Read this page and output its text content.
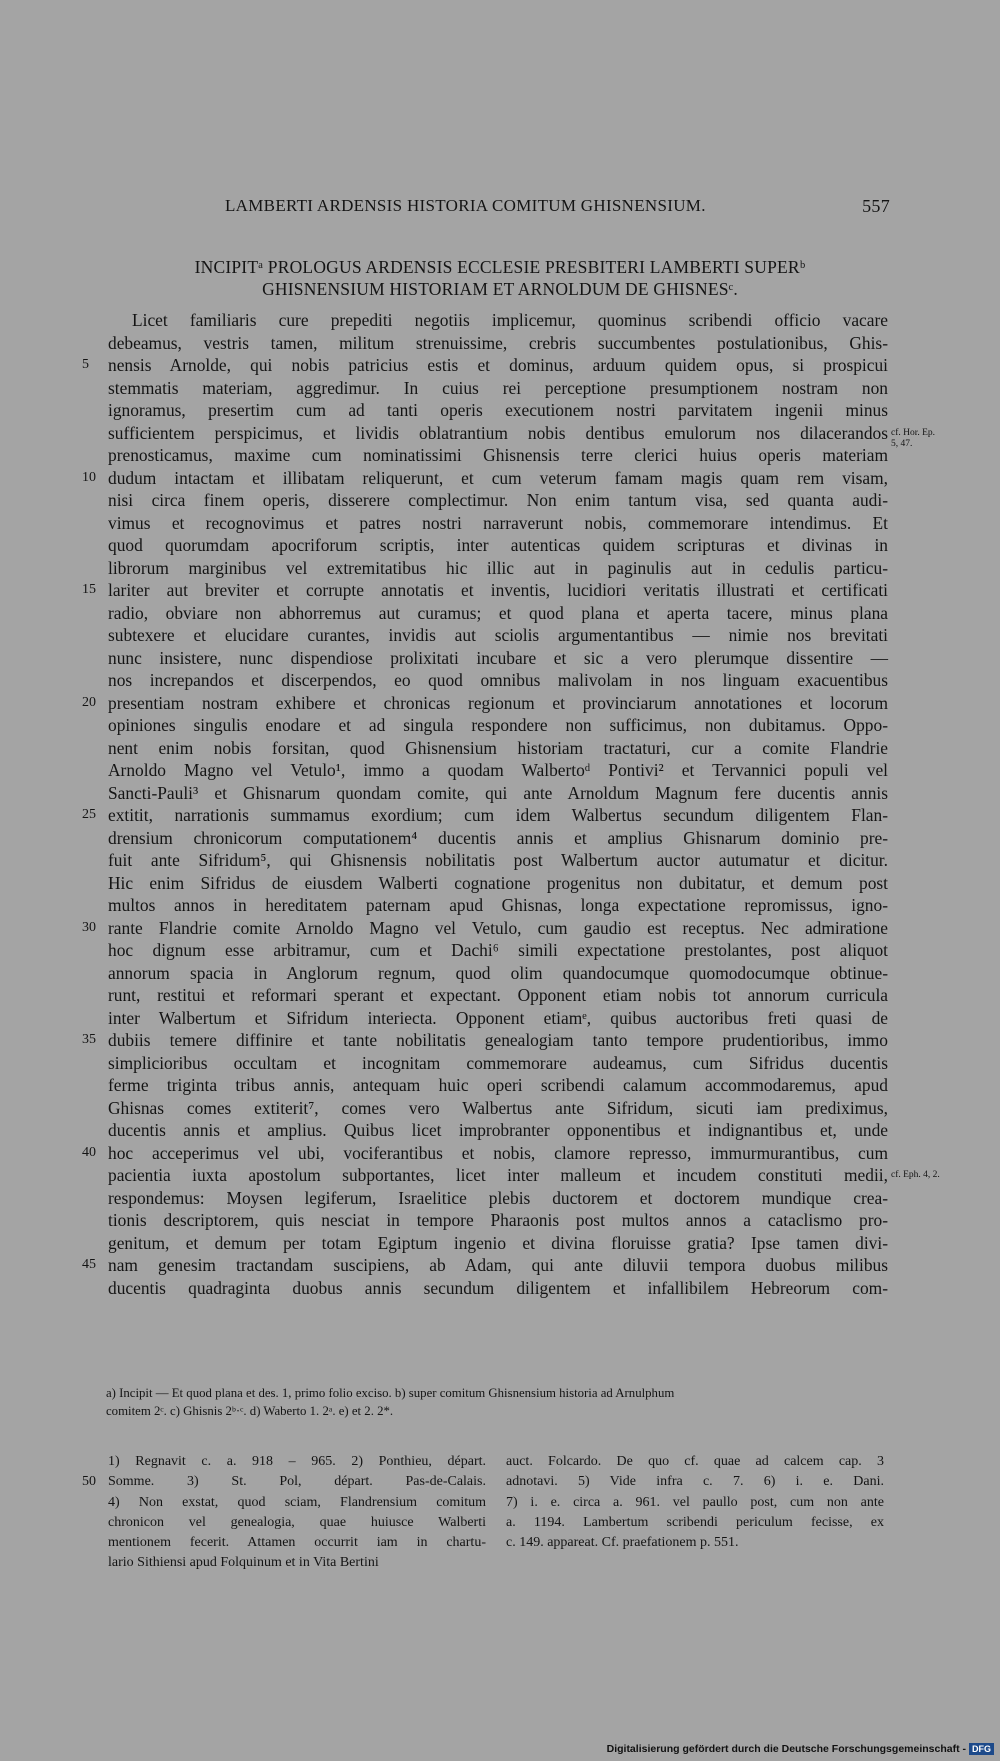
LAMBERTI ARDENSIS HISTORIA COMITUM GHISNENSIUM.	557
INCIPITᵃ PROLOGUS ARDENSIS ECCLESIE PRESBITERI LAMBERTI SUPERᵇ
GHISNENSIUM HISTORIAM ET ARNOLDUM DE GHISNESᶜ.
Licet familiaris cure prepediti negotiis implicemur, quominus scribendi officio vacare
debeamus, vestris tamen, militum strenuissime, crebris succumbentes postulationibus, Ghis-
nensis Arnolde, qui nobis patricius estis et dominus, arduum quidem opus, si prospicui
stemmatis materiam, aggredimur. In cuius rei perceptione presumptionem nostram non
ignoramus, presertim cum ad tanti operis executionem nostri parvitatem ingenii minus
sufficientem perspicimus, et lividis oblatrantium nobis dentibus emulorum nos dilacerandos
prenosticamus, maxime cum nominatissimi Ghisnensis terre clerici huius operis materiam
dudum intactam et illibatam reliquerunt, et cum veterum famam magis quam rem visam,
nisi circa finem operis, disserere complectimur. Non enim tantum visa, sed quanta audi-
vimus et recognovimus et patres nostri narraverunt nobis, commemorare intendimus. Et
quod quorumdam apocriforum scriptis, inter autenticas quidem scripturas et divinas in
librorum marginibus vel extremitatibus hic illic aut in paginulis aut in cedulis particu-
lariter aut breviter et corrupte annotatis et inventis, lucidiori veritatis illustrati et certificati
radio, obviare non abhorremus aut curamus; et quod plana et aperta tacere, minus plana
subtexere et elucidare curantes, invidis aut sciolis argumentantibus — nimie nos brevitati
nunc insistere, nunc dispendiose prolixitati incubare et sic a vero plerumque dissentire —
nos increpandos et discerpendos, eo quod omnibus malivolam in nos linguam exacuentibus
presentiam nostram exhibere et chronicas regionum et provinciarum annotationes et locorum
opiniones singulis enodare et ad singula respondere non sufficimus, non dubitamus. Oppo-
nent enim nobis forsitan, quod Ghisnensium historiam tractaturi, cur a comite Flandrie
Arnoldo Magno vel Vetulo¹, immo a quodam Walbertoᵈ Pontivi² et Tervannici populi vel
Sancti-Pauli³ et Ghisnarum quondam comite, qui ante Arnoldum Magnum fere ducentis annis
extitit, narrationis summamus exordium; cum idem Walbertus secundum diligentem Flan-
drensium chronicorum computationem⁴ ducentis annis et amplius Ghisnarum dominio pre-
fuit ante Sifridum⁵, qui Ghisnensis nobilitatis post Walbertum auctor autumatur et dicitur.
Hic enim Sifridus de eiusdem Walberti cognatione progenitus non dubitatur, et demum post
multos annos in hereditatem paternam apud Ghisnas, longa expectatione repromissus, igno-
rante Flandrie comite Arnoldo Magno vel Vetulo, cum gaudio est receptus. Nec admiratione
hoc dignum esse arbitramur, cum et Dachi⁶ simili expectatione prestolantes, post aliquot
annorum spacia in Anglorum regnum, quod olim quandocumque quomodocumque obtinue-
runt, restitui et reformari sperant et expectant. Opponent etiam nobis tot annorum curricula
inter Walbertum et Sifridum interiecta. Opponent etiamᵉ, quibus auctoribus freti quasi de
dubiis temere diffinire et tante nobilitatis genealogiam tanto tempore prudentioribus, immo
simplicioribus occultam et incognitam commemorare audeamus, cum Sifridus ducentis
ferme triginta tribus annis, antequam huic operi scribendi calamum accommodaremus, apud
Ghisnas comes extiterit⁷, comes vero Walbertus ante Sifridum, sicuti iam prediximus,
ducentis annis et amplius. Quibus licet improbranter opponentibus et indignantibus et, unde
hoc acceperimus vel ubi, vociferantibus et nobis, clamore represso, immurmurantibus, cum
pacientia iuxta apostolum subportantes, licet inter malleum et incudem constituti medii,
respondemus: Moysen legiferum, Israelitice plebis ductorem et doctorem mundique crea-
tionis descriptorem, quis nesciat in tempore Pharaonis post multos annos a cataclismo pro-
genitum, et demum per totam Egiptum ingenio et divina floruisse gratia? Ipse tamen divi-
nam genesim tractandam suscipiens, ab Adam, qui ante diluvii tempora duobus milibus
ducentis quadraginta duobus annis secundum diligentem et infallibilem Hebreorum com-
5
10
15
20
25
30
35
40
45
50
cf. Hor. Ep.
5, 47.
cf. Eph. 4, 2.
a) Incipit — Et quod plana et des. 1, primo folio exciso. b) super comitum Ghisnensium historia ad Arnulphum
comitem 2ᶜ. c) Ghisnis 2ᵇ·ᶜ. d) Waberto 1. 2ᵃ. e) et 2. 2*.
1) Regnavit c. a. 918 – 965. 2) Ponthieu, départ.
Somme. 3) St. Pol, départ. Pas-de-Calais.
4) Non exstat, quod sciam, Flandrensium comitum
chronicon vel genealogia, quae huiusce Walberti
mentionem fecerit. Attamen occurrit iam in chartu-
lario Sithiensi apud Folquinum et in Vita Bertini
auct. Folcardo. De quo cf. quae ad calcem cap. 3
adnotavi. 5) Vide infra c. 7. 6) i. e. Dani.
7) i. e. circa a. 961. vel paullo post, cum non ante
a. 1194. Lambertum scribendi periculum fecisse, ex
c. 149. appareat. Cf. praefationem p. 551.
Digitalisierung gefördert durch die Deutsche Forschungsgemeinschaft - DFG
